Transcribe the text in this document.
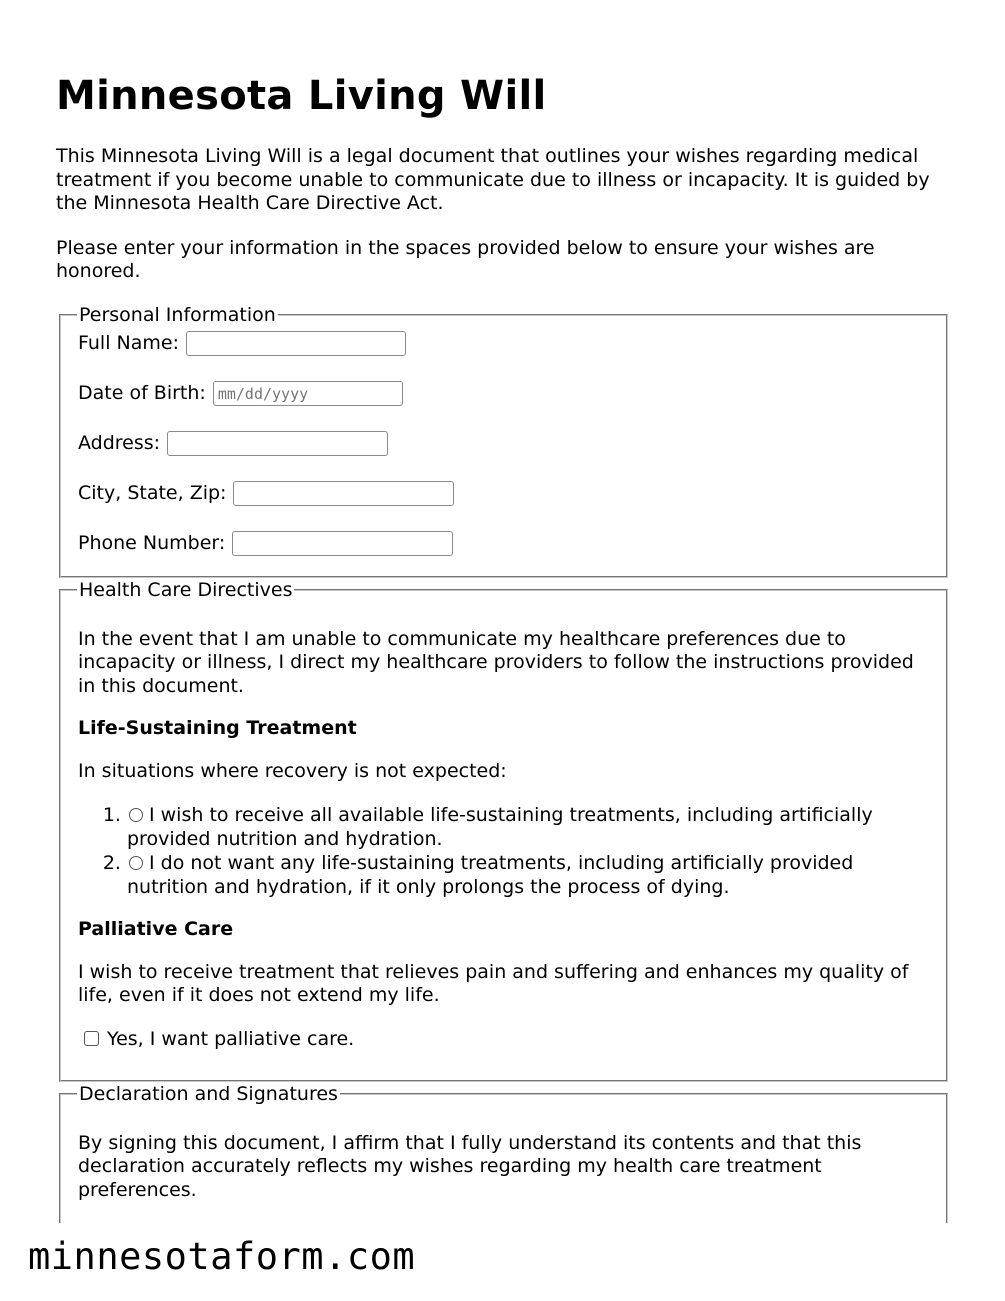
Minnesota Living Will

This Minnesota Living Will is a legal document that outlines your wishes regarding medical treatment if you become unable to communicate due to illness or incapacity. It is guided by the Minnesota Health Care Directive Act.

Please enter your information in the spaces provided below to ensure your wishes are honored.

Personal Information
Full Name:
Date of Birth:
mm/dd/yyyy
Address:
City, State, Zip:
Phone Number:
Health Care Directives

In the event that I am unable to communicate my healthcare preferences due to incapacity or illness, I direct my healthcare providers to follow the instructions provided in this document.

Life-Sustaining Treatment

In situations where recovery is not expected:

1. I wish to receive all available life-sustaining treatments, including artificially provided nutrition and hydration.
2. I do not want any life-sustaining treatments, including artificially provided nutrition and hydration, if it only prolongs the process of dying.

Palliative Care

I wish to receive treatment that relieves pain and suffering and enhances my quality of life, even if it does not extend my life.

Yes, I want palliative care.

Declaration and Signatures

By signing this document, I affirm that I fully understand its contents and that this declaration accurately reflects my wishes regarding my health care treatment preferences.

minnesotaform.com
